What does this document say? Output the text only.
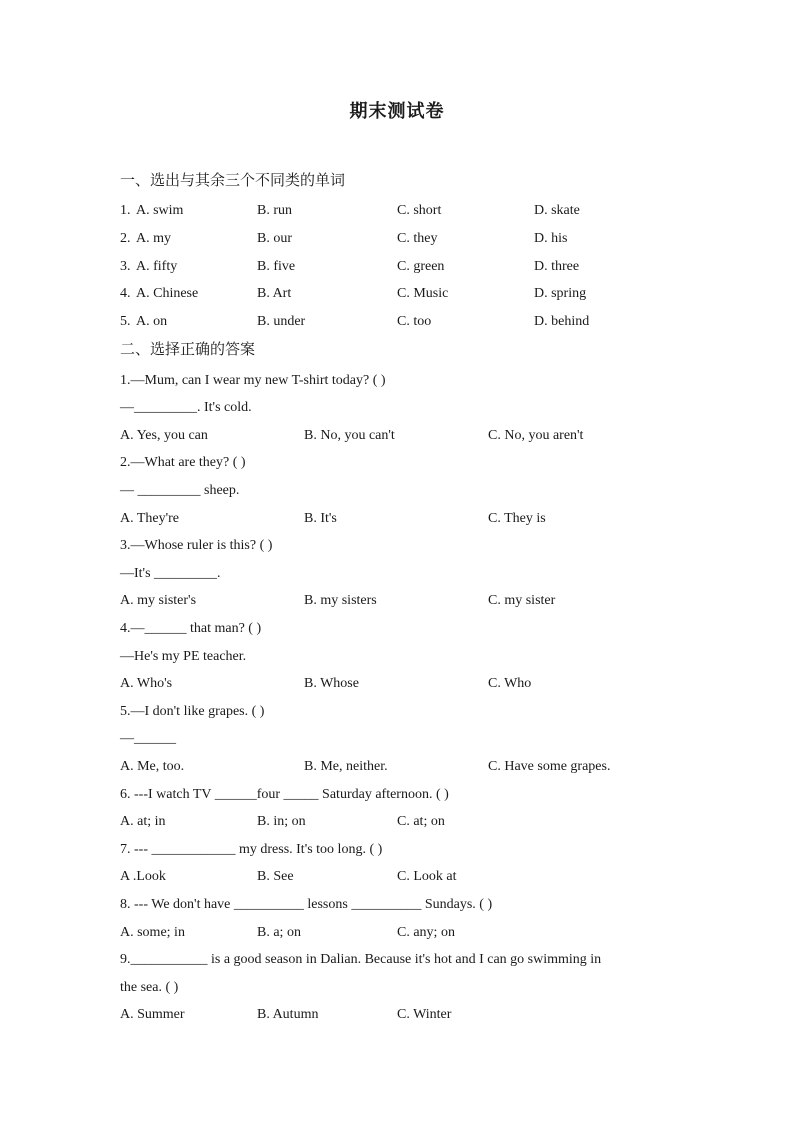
期末测试卷
一、选出与其余三个不同类的单词
1. A. swim	B. run	C. short	D. skate
2. A. my	B. our	C. they	D. his
3. A. fifty	B. five	C. green	D. three
4. A. Chinese	B. Art	C. Music	D. spring
5. A. on	B. under	C. too	D. behind
二、选择正确的答案
1.—Mum, can I wear my new T-shirt today? ( )
—_________. It's cold.
A. Yes, you can	B. No, you can't	C. No, you aren't
2.—What are they? ( )
— _________ sheep.
A. They're	B. It's	C. They is
3.—Whose ruler is this? ( )
—It's _________.
A. my sister's	B. my sisters	C. my sister
4.—______ that man? ( )
—He's my PE teacher.
A. Who's	B. Whose	C. Who
5.—I don't like grapes. ( )
—______
A. Me, too.	B. Me, neither.	C. Have some grapes.
6. ---I watch TV ______four _____ Saturday afternoon. ( )
A. at; in	B. in; on	C. at; on
7. --- ____________ my dress. It's too long. ( )
A .Look	B. See	C. Look at
8. --- We don't have __________ lessons __________ Sundays. ( )
A. some; in	B. a; on	C. any; on
9.___________ is a good season in Dalian. Because it's hot and I can go swimming in
the sea. ( )
A. Summer	B. Autumn	C. Winter
